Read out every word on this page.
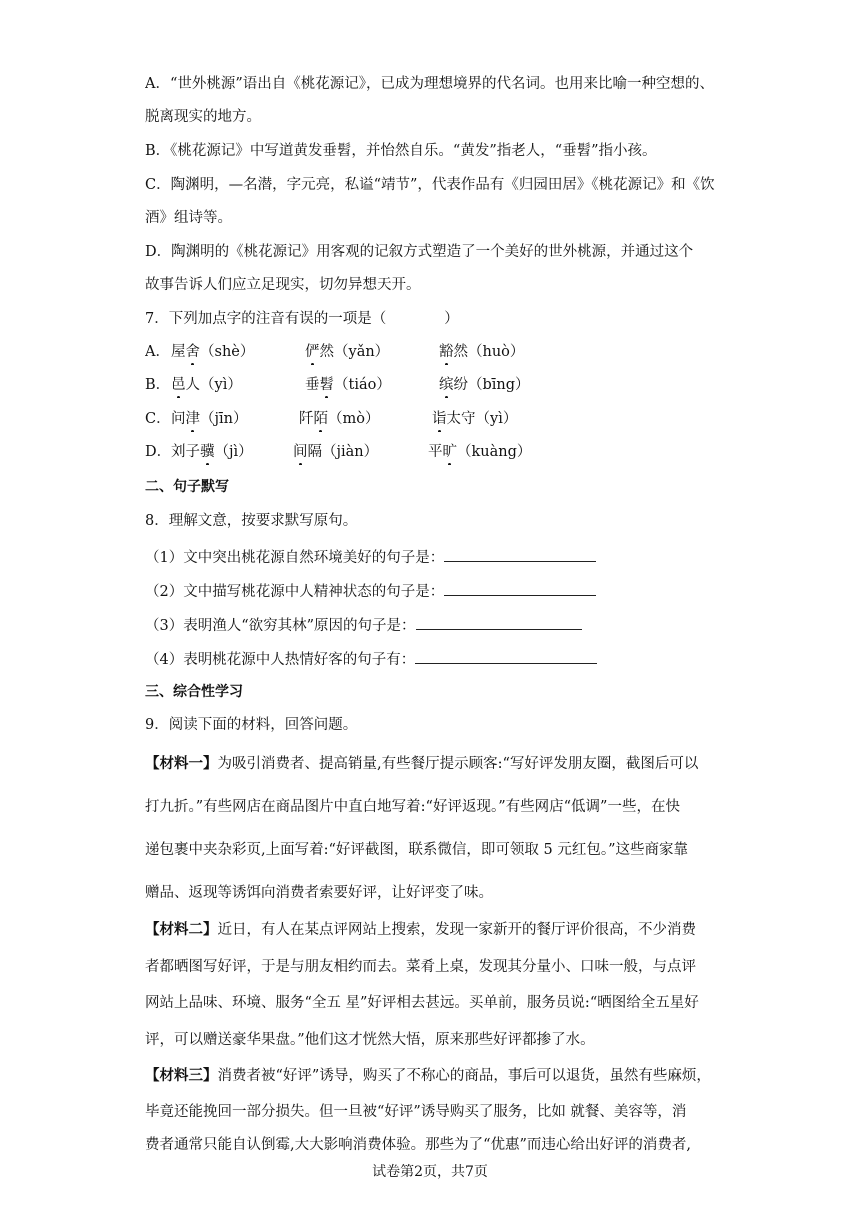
A．“世外桃源”语出自《桃花源记》，已成为理想境界的代名词。也用来比喻一种空想的、
脱离现实的地方。
B．《桃花源记》中写道黄发垂髫，并怡然自乐。“黄发”指老人，“垂髫”指小孩。
C．陶渊明，—名潜，字元亮，私谥“靖节”，代表作品有《归园田居》《桃花源记》和《饮
酒》组诗等。
D．陶渊明的《桃花源记》用客观的记叙方式塑造了一个美好的世外桃源，并通过这个
故事告诉人们应立足现实，切勿异想天开。
7．下列加点字的注音有误的一项是（　　　　）
A． 屋舍（shè）	俨然（yǎn）	豁然（huò）
B． 邑人（yì）	垂髫（tiáo）	缤纷（bīng）
C． 问津（jīn）	阡陌（mò）	诣太守（yì）
D． 刘子骥（jì）	间隔（jiàn）	平旷（kuàng）
二、句子默写
8．理解文意，按要求默写原句。
（1）文中突出桃花源自然环境美好的句子是：
（2）文中描写桃花源中人精神状态的句子是：
（3）表明渔人“欲穷其林”原因的句子是：
（4）表明桃花源中人热情好客的句子有：
三、综合性学习
9．阅读下面的材料，回答问题。
【材料一】为吸引消费者、提高销量,有些餐厅提示顾客:“写好评发朋友圈，截图后可以
打九折。”有些网店在商品图片中直白地写着:“好评返现。”有些网店“低调”一些，在快
递包裹中夹杂彩页,上面写着:“好评截图，联系微信，即可领取 5 元红包。”这些商家靠
赠品、返现等诱饵向消费者索要好评，让好评变了味。
【材料二】近日，有人在某点评网站上搜索，发现一家新开的餐厅评价很高，不少消费
者都晒图写好评，于是与朋友相约而去。菜肴上桌，发现其分量小、口味一般，与点评
网站上品味、环境、服务“全五 星”好评相去甚远。买单前，服务员说:“晒图给全五星好
评，可以赠送豪华果盘。”他们这才恍然大悟，原来那些好评都掺了水。
【材料三】消费者被“好评”诱导，购买了不称心的商品，事后可以退货，虽然有些麻烦，
毕竟还能挽回一部分损失。但一旦被“好评”诱导购买了服务，比如 就餐、美容等，消
费者通常只能自认倒霉,大大影响消费体验。那些为了“优惠”而违心给出好评的消费者,
试卷第2页，共7页
